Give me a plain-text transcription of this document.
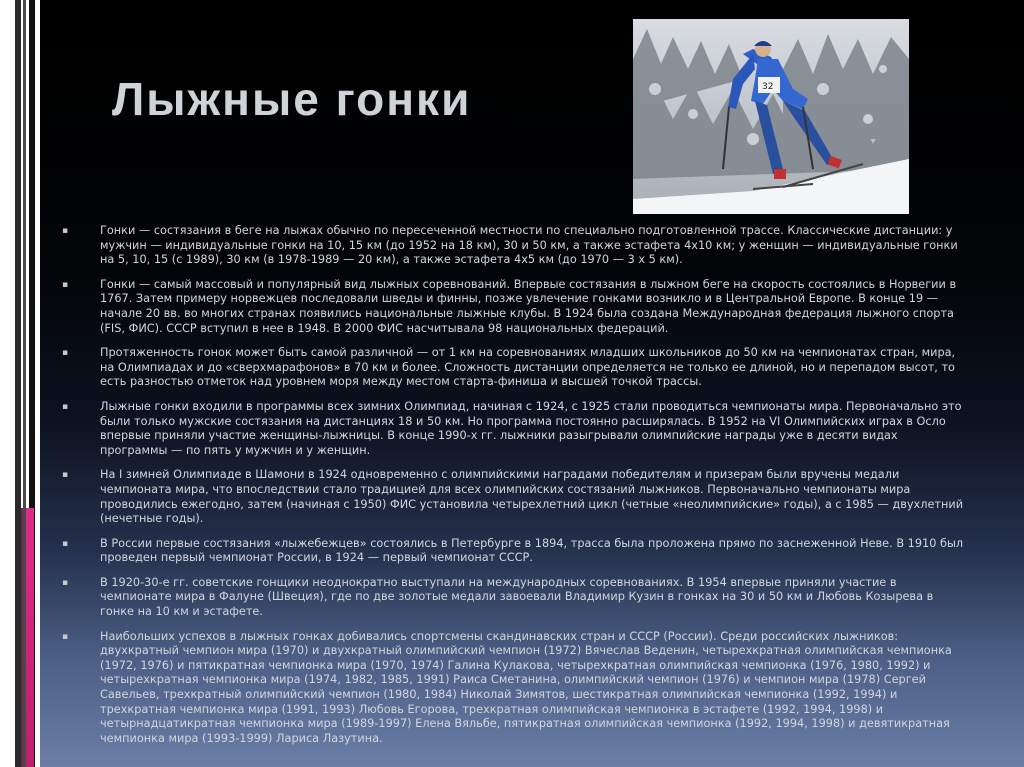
Лыжные гонки	32
▪ Гонки — состязания в беге на лыжах обычно по пересеченной местности по специально подготовленной трассе. Классические дистанции: у мужчин — индивидуальные гонки на 10, 15 км (до 1952 на 18 км), 30 и 50 км, а также эстафета 4х10 км; у женщин — индивидуальные гонки на 5, 10, 15 (с 1989), 30 км (в 1978-1989 — 20 км), а также эстафета 4х5 км (до 1970 — 3 х 5 км).
▪ Гонки — самый массовый и популярный вид лыжных соревнований. Впервые состязания в лыжном беге на скорость состоялись в Норвегии в 1767. Затем примеру норвежцев последовали шведы и финны, позже увлечение гонками возникло и в Центральной Европе. В конце 19 — начале 20 вв. во многих странах появились национальные лыжные клубы. В 1924 была создана Международная федерация лыжного спорта (FIS, ФИС). СССР вступил в нее в 1948. В 2000 ФИС насчитывала 98 национальных федераций.
▪ Протяженность гонок может быть самой различной — от 1 км на соревнованиях младших школьников до 50 км на чемпионатах стран, мира, на Олимпиадах и до «сверхмарафонов» в 70 км и более. Сложность дистанции определяется не только ее длиной, но и перепадом высот, то есть разностью отметок над уровнем моря между местом старта-финиша и высшей точкой трассы.
▪ Лыжные гонки входили в программы всех зимних Олимпиад, начиная с 1924, с 1925 стали проводиться чемпионаты мира. Первоначально это были только мужские состязания на дистанциях 18 и 50 км. Но программа постоянно расширялась. В 1952 на VI Олимпийских играх в Осло впервые приняли участие женщины-лыжницы. В конце 1990-х гг. лыжники разыгрывали олимпийские награды уже в десяти видах программы — по пять у мужчин и у женщин.
▪ На I зимней Олимпиаде в Шамони в 1924 одновременно с олимпийскими наградами победителям и призерам были вручены медали чемпионата мира, что впоследствии стало традицией для всех олимпийских состязаний лыжников. Первоначально чемпионаты мира проводились ежегодно, затем (начиная с 1950) ФИС установила четырехлетний цикл (четные «неолимпийские» годы), а с 1985 — двухлетний (нечетные годы).
▪ В России первые состязания «лыжебежцев» состоялись в Петербурге в 1894, трасса была проложена прямо по заснеженной Неве. В 1910 был проведен первый чемпионат России, в 1924 — первый чемпионат СССР.
▪ В 1920-30-е гг. советские гонщики неоднократно выступали на международных соревнованиях. В 1954 впервые приняли участие в чемпионате мира в Фалуне (Швеция), где по две золотые медали завоевали Владимир Кузин в гонках на 30 и 50 км и Любовь Козырева в гонке на 10 км и эстафете.
▪ Наибольших успехов в лыжных гонках добивались спортсмены скандинавских стран и СССР (России). Среди российских лыжников: двухкратный чемпион мира (1970) и двухкратный олимпийский чемпион (1972) Вячеслав Веденин, четырехкратная олимпийская чемпионка (1972, 1976) и пятикратная чемпионка мира (1970, 1974) Галина Кулакова, четырехкратная олимпийская чемпионка (1976, 1980, 1992) и четырехкратная чемпионка мира (1974, 1982, 1985, 1991) Раиса Сметанина, олимпийский чемпион (1976) и чемпион мира (1978) Сергей Савельев, трехкратный олимпийский чемпион (1980, 1984) Николай Зимятов, шестикратная олимпийская чемпионка (1992, 1994) и трехкратная чемпионка мира (1991, 1993) Любовь Егорова, трехкратная олимпийская чемпионка в эстафете (1992, 1994, 1998) и четырнадцатикратная чемпионка мира (1989-1997) Елена Вяльбе, пятикратная олимпийская чемпионка (1992, 1994, 1998) и девятикратная чемпионка мира (1993-1999) Лариса Лазутина.
